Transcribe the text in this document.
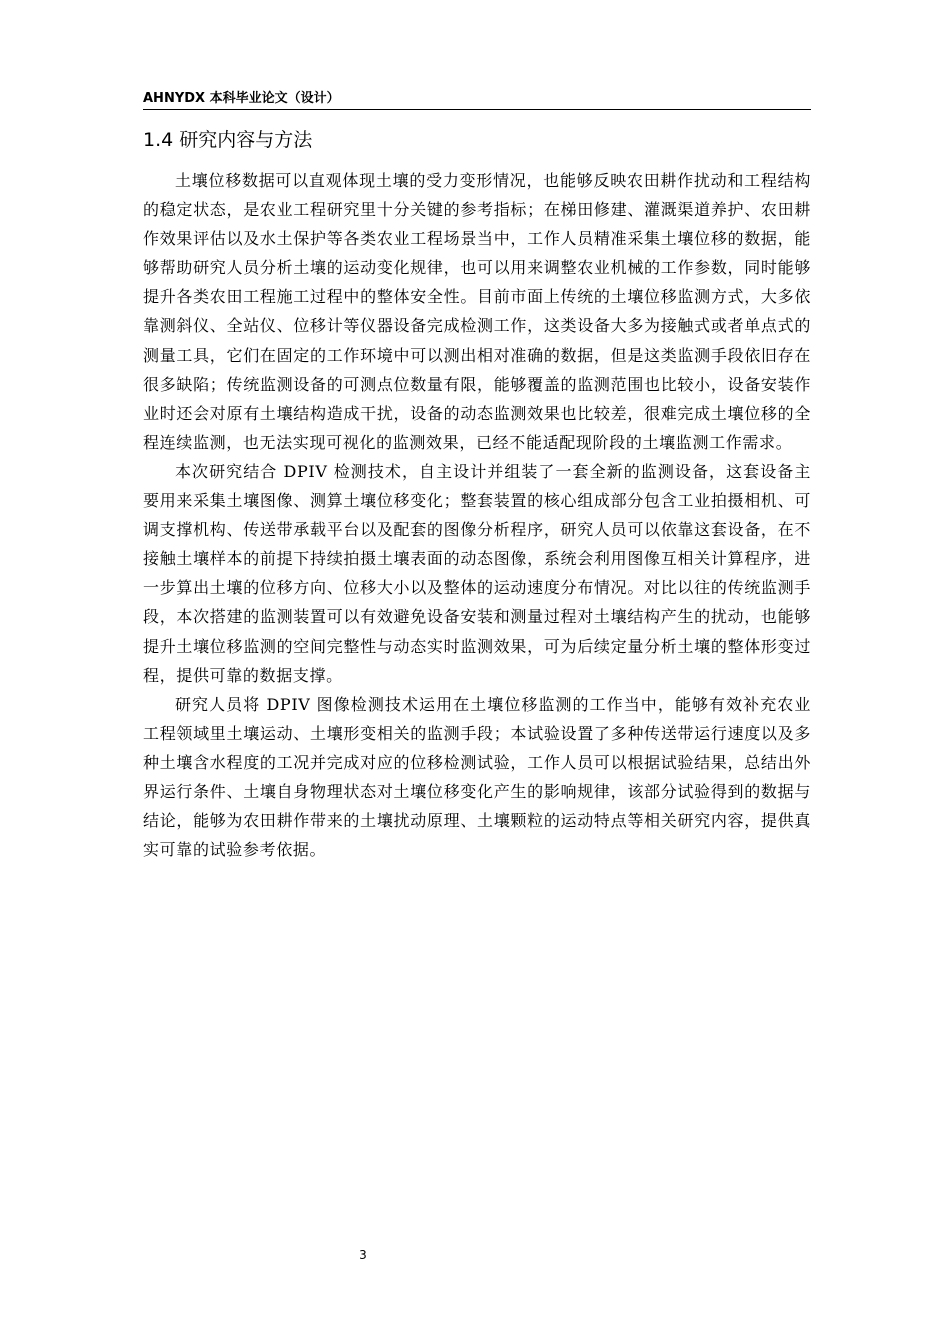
AHNYDX 本科毕业论文（设计）
1.4 研究内容与方法

土壤位移数据可以直观体现土壤的受力变形情况，也能够反映农田耕作扰动和工程结构的稳定状态，是农业工程研究里十分关键的参考指标；在梯田修建、灌溉渠道养护、农田耕作效果评估以及水土保护等各类农业工程场景当中，工作人员精准采集土壤位移的数据，能够帮助研究人员分析土壤的运动变化规律，也可以用来调整农业机械的工作参数，同时能够提升各类农田工程施工过程中的整体安全性。目前市面上传统的土壤位移监测方式，大多依靠测斜仪、全站仪、位移计等仪器设备完成检测工作，这类设备大多为接触式或者单点式的测量工具，它们在固定的工作环境中可以测出相对准确的数据，但是这类监测手段依旧存在很多缺陷；传统监测设备的可测点位数量有限，能够覆盖的监测范围也比较小，设备安装作业时还会对原有土壤结构造成干扰，设备的动态监测效果也比较差，很难完成土壤位移的全程连续监测，也无法实现可视化的监测效果，已经不能适配现阶段的土壤监测工作需求。

本次研究结合 DPIV 检测技术，自主设计并组装了一套全新的监测设备，这套设备主要用来采集土壤图像、测算土壤位移变化；整套装置的核心组成部分包含工业拍摄相机、可调支撑机构、传送带承载平台以及配套的图像分析程序，研究人员可以依靠这套设备，在不接触土壤样本的前提下持续拍摄土壤表面的动态图像，系统会利用图像互相关计算程序，进一步算出土壤的位移方向、位移大小以及整体的运动速度分布情况。对比以往的传统监测手段，本次搭建的监测装置可以有效避免设备安装和测量过程对土壤结构产生的扰动，也能够提升土壤位移监测的空间完整性与动态实时监测效果，可为后续定量分析土壤的整体形变过程，提供可靠的数据支撑。

研究人员将 DPIV 图像检测技术运用在土壤位移监测的工作当中，能够有效补充农业工程领域里土壤运动、土壤形变相关的监测手段；本试验设置了多种传送带运行速度以及多种土壤含水程度的工况并完成对应的位移检测试验，工作人员可以根据试验结果，总结出外界运行条件、土壤自身物理状态对土壤位移变化产生的影响规律，该部分试验得到的数据与结论，能够为农田耕作带来的土壤扰动原理、土壤颗粒的运动特点等相关研究内容，提供真实可靠的试验参考依据。

3
